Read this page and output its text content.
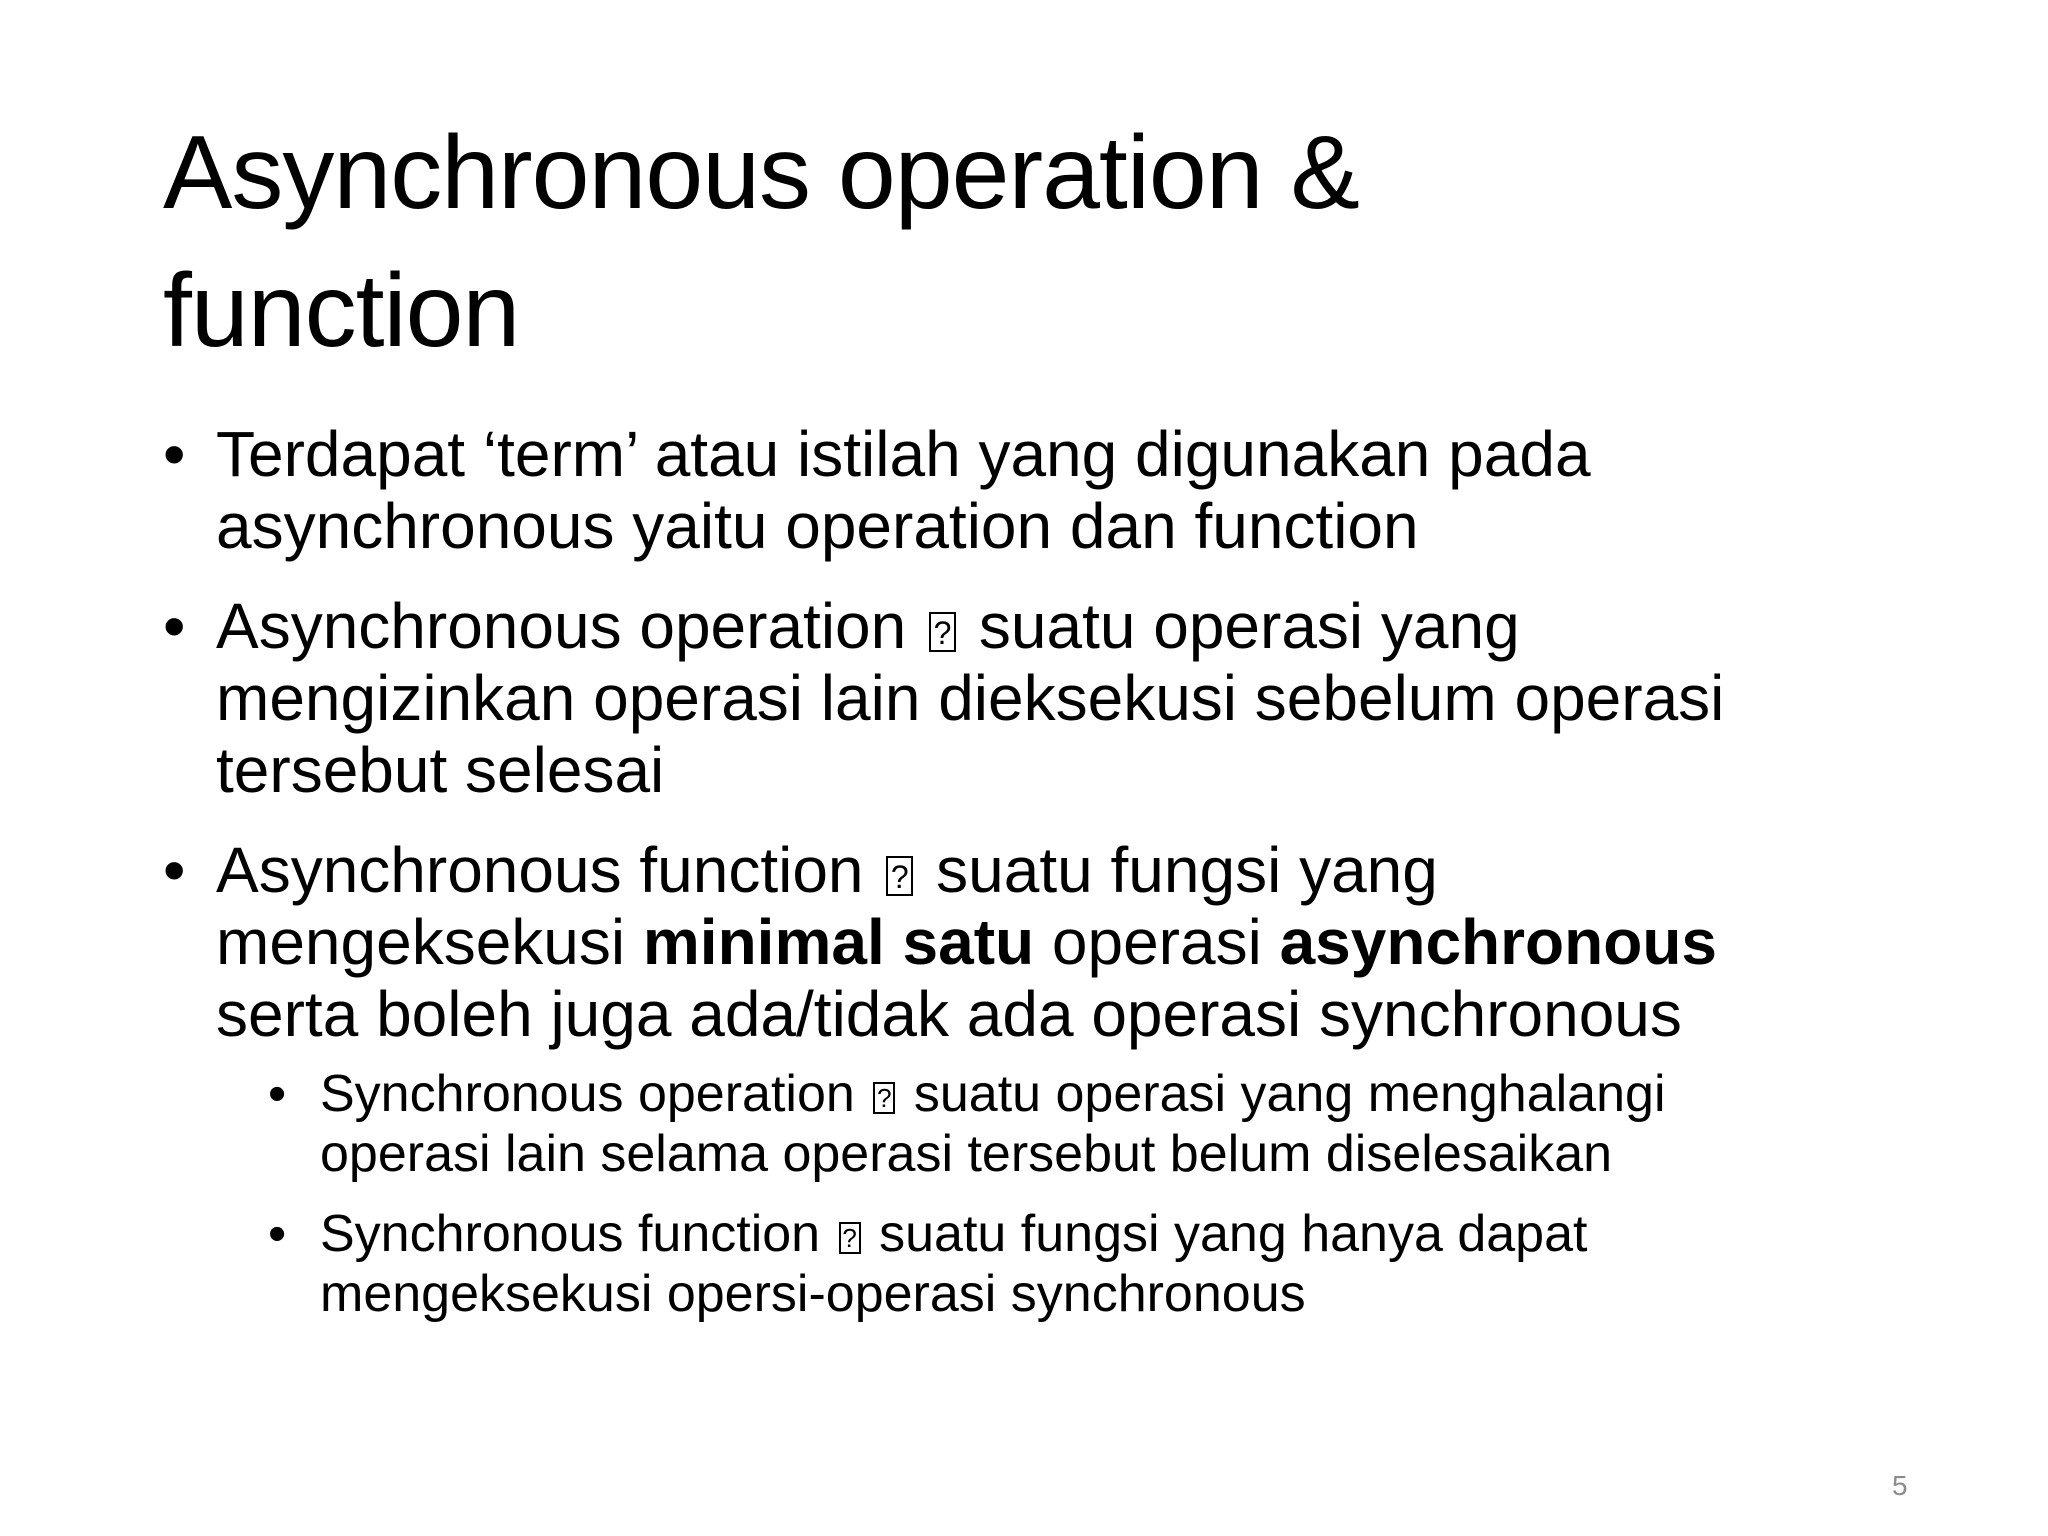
Asynchronous operation &
function
• Terdapat ‘term’ atau istilah yang digunakan pada asynchronous yaitu operation dan function
• Asynchronous operation ? suatu operasi yang mengizinkan operasi lain dieksekusi sebelum operasi tersebut selesai
• Asynchronous function ? suatu fungsi yang mengeksekusi minimal satu operasi asynchronous serta boleh juga ada/tidak ada operasi synchronous
• Synchronous operation ? suatu operasi yang menghalangi operasi lain selama operasi tersebut belum diselesaikan
• Synchronous function ? suatu fungsi yang hanya dapat mengeksekusi opersi-operasi synchronous
5
